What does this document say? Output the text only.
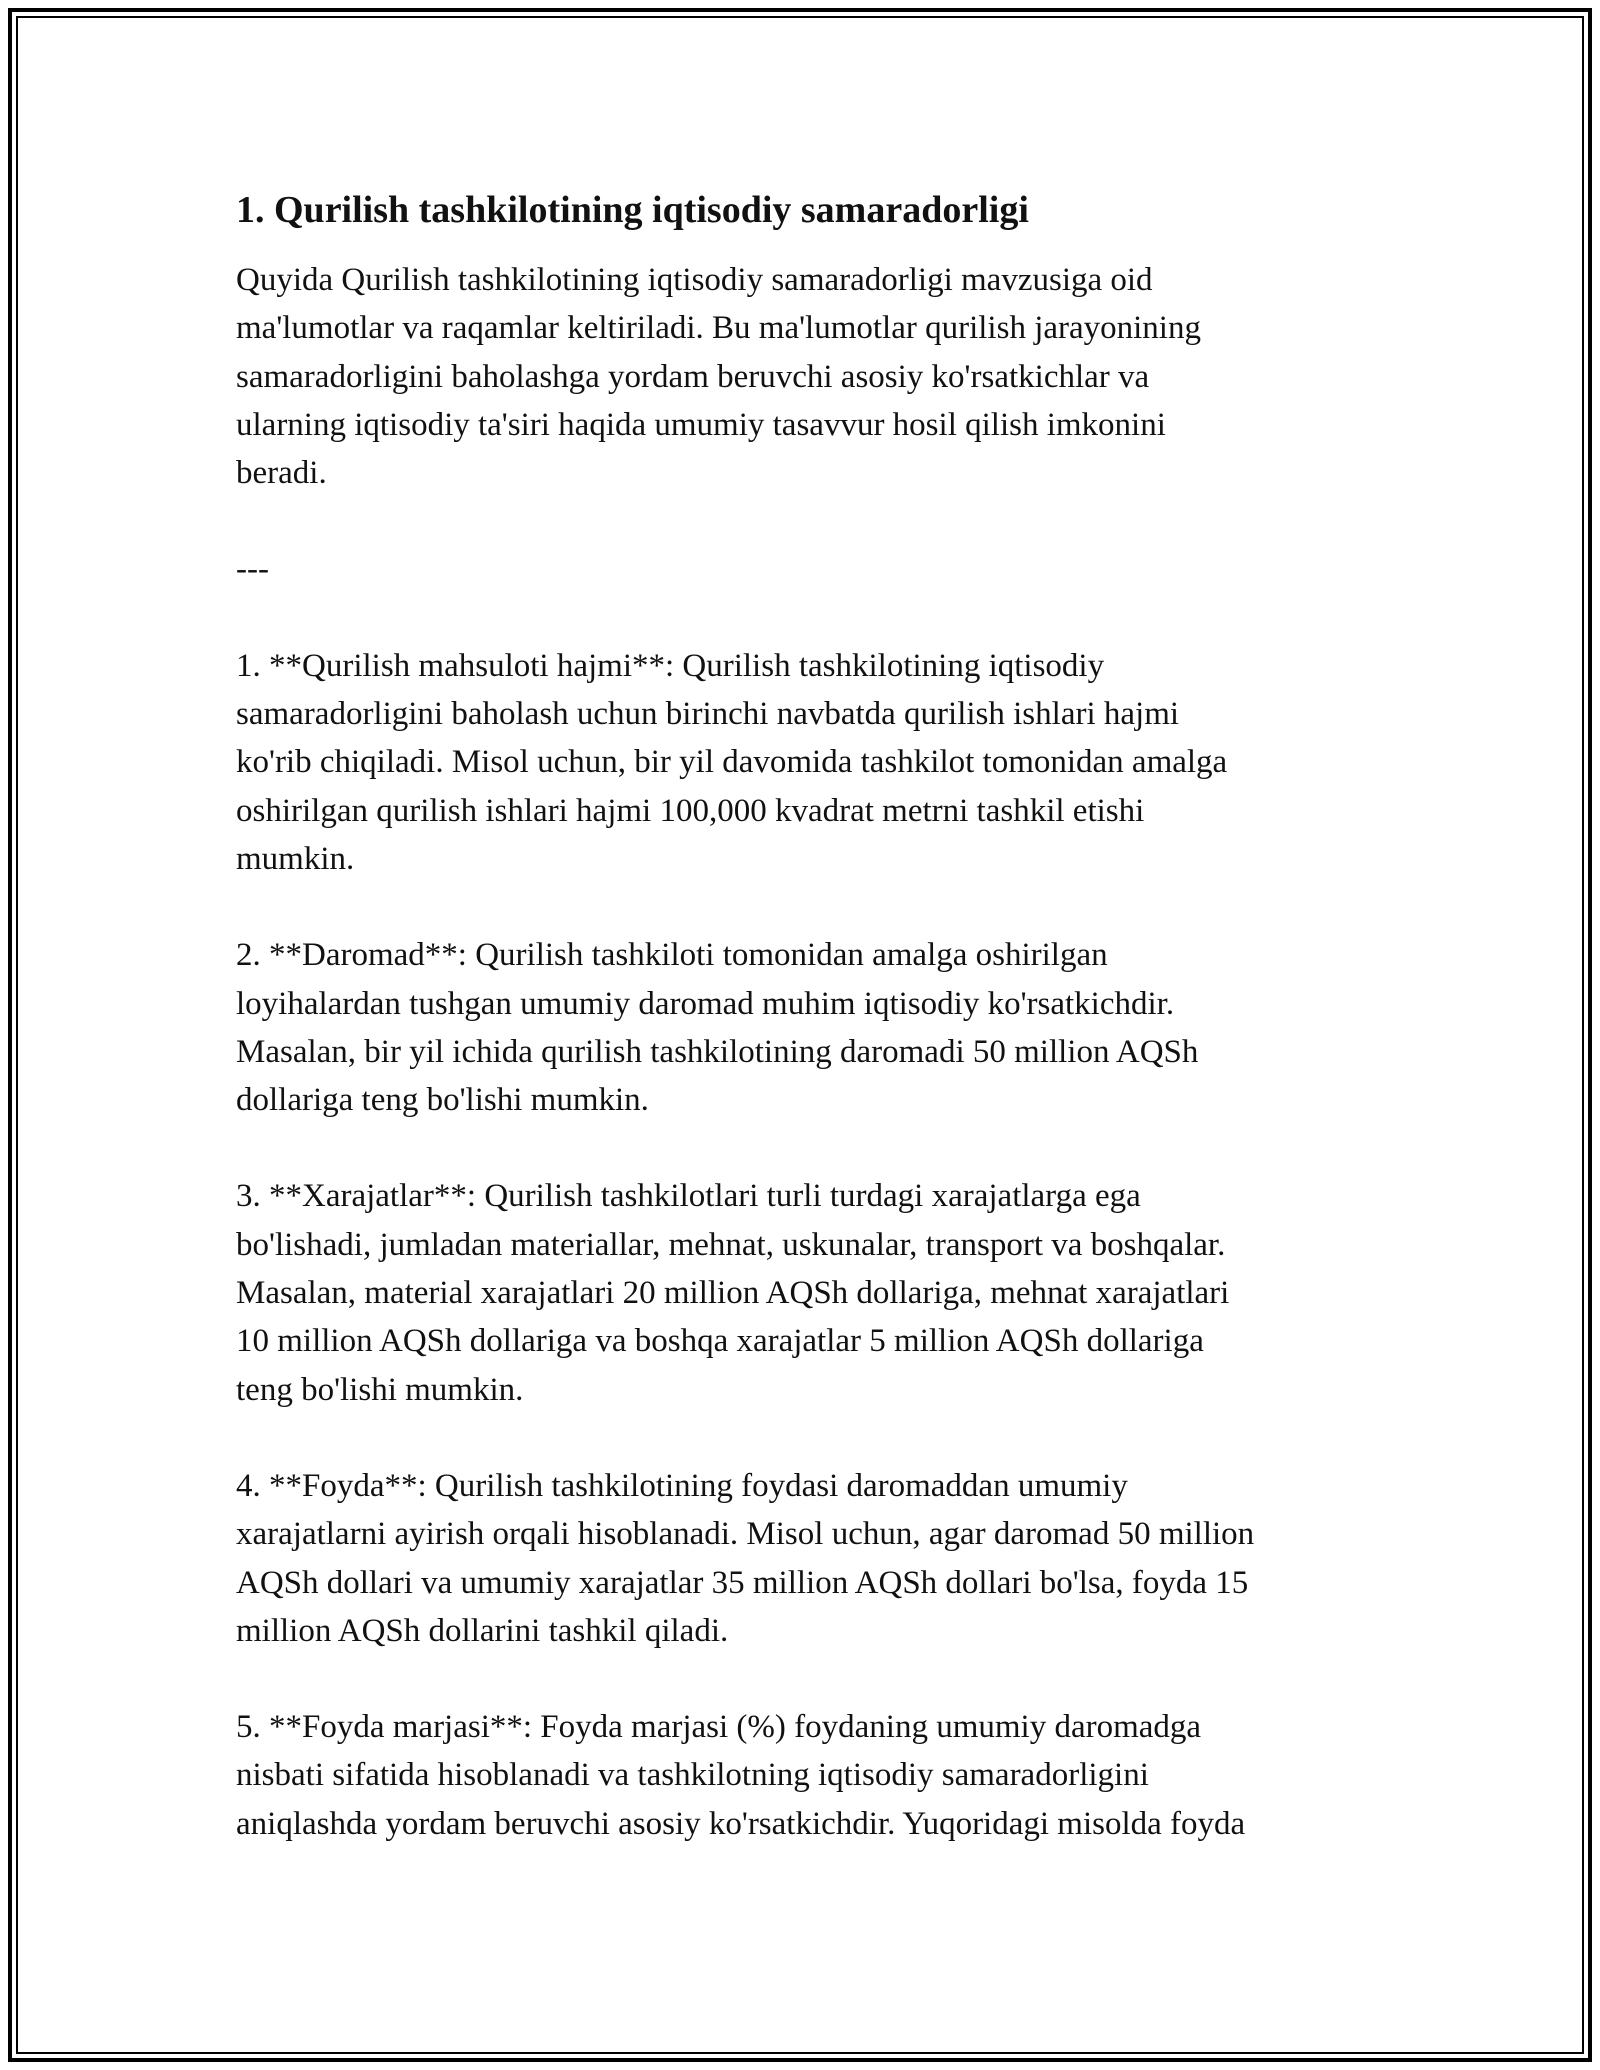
1. Qurilish tashkilotining iqtisodiy samaradorligi

Quyida Qurilish tashkilotining iqtisodiy samaradorligi mavzusiga oid
ma'lumotlar va raqamlar keltiriladi. Bu ma'lumotlar qurilish jarayonining
samaradorligini baholashga yordam beruvchi asosiy ko'rsatkichlar va
ularning iqtisodiy ta'siri haqida umumiy tasavvur hosil qilish imkonini
beradi.

---

1. **Qurilish mahsuloti hajmi**: Qurilish tashkilotining iqtisodiy
samaradorligini baholash uchun birinchi navbatda qurilish ishlari hajmi
ko'rib chiqiladi. Misol uchun, bir yil davomida tashkilot tomonidan amalga
oshirilgan qurilish ishlari hajmi 100,000 kvadrat metrni tashkil etishi
mumkin.

2. **Daromad**: Qurilish tashkiloti tomonidan amalga oshirilgan
loyihalardan tushgan umumiy daromad muhim iqtisodiy ko'rsatkichdir.
Masalan, bir yil ichida qurilish tashkilotining daromadi 50 million AQSh
dollariga teng bo'lishi mumkin.

3. **Xarajatlar**: Qurilish tashkilotlari turli turdagi xarajatlarga ega
bo'lishadi, jumladan materiallar, mehnat, uskunalar, transport va boshqalar.
Masalan, material xarajatlari 20 million AQSh dollariga, mehnat xarajatlari
10 million AQSh dollariga va boshqa xarajatlar 5 million AQSh dollariga
teng bo'lishi mumkin.

4. **Foyda**: Qurilish tashkilotining foydasi daromaddan umumiy
xarajatlarni ayirish orqali hisoblanadi. Misol uchun, agar daromad 50 million
AQSh dollari va umumiy xarajatlar 35 million AQSh dollari bo'lsa, foyda 15
million AQSh dollarini tashkil qiladi.

5. **Foyda marjasi**: Foyda marjasi (%) foydaning umumiy daromadga
nisbati sifatida hisoblanadi va tashkilotning iqtisodiy samaradorligini
aniqlashda yordam beruvchi asosiy ko'rsatkichdir. Yuqoridagi misolda foyda
